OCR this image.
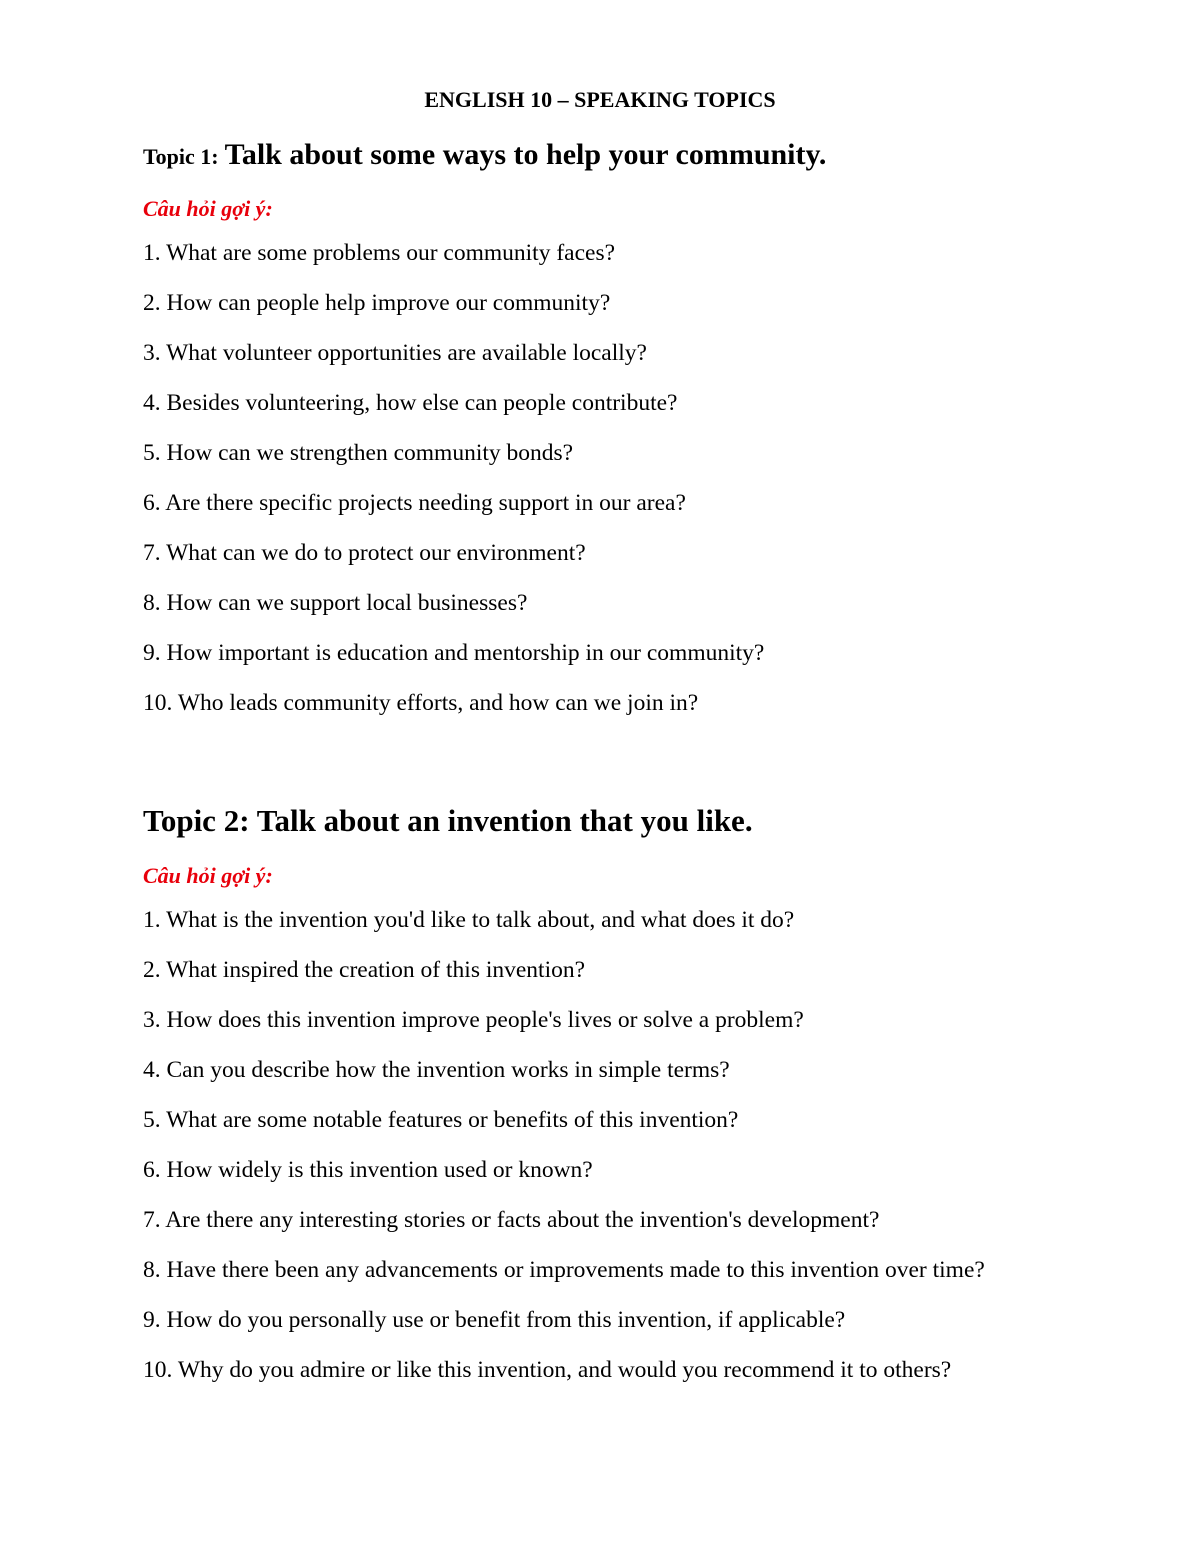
ENGLISH 10 – SPEAKING TOPICS
Topic 1: Talk about some ways to help your community.

Câu hỏi gợi ý:

1. What are some problems our community faces?
2. How can people help improve our community?
3. What volunteer opportunities are available locally?
4. Besides volunteering, how else can people contribute?
5. How can we strengthen community bonds?
6. Are there specific projects needing support in our area?
7. What can we do to protect our environment?
8. How can we support local businesses?
9. How important is education and mentorship in our community?
10. Who leads community efforts, and how can we join in?
Topic 2: Talk about an invention that you like.

Câu hỏi gợi ý:

1. What is the invention you'd like to talk about, and what does it do?
2. What inspired the creation of this invention?
3. How does this invention improve people's lives or solve a problem?
4. Can you describe how the invention works in simple terms?
5. What are some notable features or benefits of this invention?
6. How widely is this invention used or known?
7. Are there any interesting stories or facts about the invention's development?
8. Have there been any advancements or improvements made to this invention over time?
9. How do you personally use or benefit from this invention, if applicable?
10. Why do you admire or like this invention, and would you recommend it to others?
